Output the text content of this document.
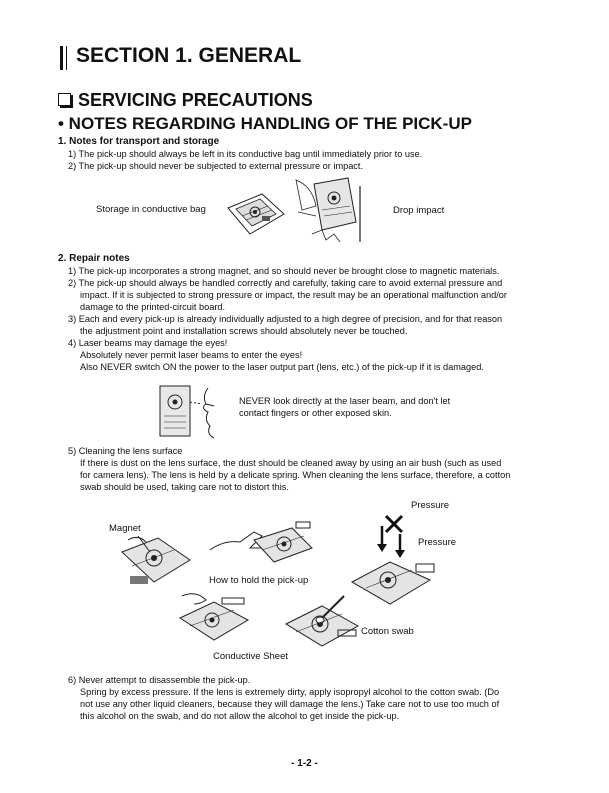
SECTION 1. GENERAL
SERVICING PRECAUTIONS
• NOTES REGARDING HANDLING OF THE PICK-UP
1. Notes for transport and storage
1) The pick-up should always be left in its conductive bag until immediately prior to use.
2) The pick-up should never be subjected to external pressure or impact.
Storage in conductive bag	Drop impact
2. Repair notes
1) The pick-up incorporates a strong magnet, and so should never be brought close to magnetic materials.
2) The pick-up should always be handled correctly and carefully, taking care to avoid external pressure and
impact. If it is subjected to strong pressure or impact, the result may be an operational malfunction and/or
damage to the printed-circuit board.
3) Each and every pick-up is already individually adjusted to a high degree of precision, and for that reason
the adjustment point and installation screws should absolutely never be touched.
4) Laser beams may damage the eyes!
Absolutely never permit laser beams to enter the eyes!
Also NEVER switch ON the power to the laser output part (lens, etc.) of the pick-up if it is damaged.
NEVER look directly at the laser beam, and don't let
contact fingers or other exposed skin.
5) Cleaning the lens surface
If there is dust on the lens surface, the dust should be cleaned away by using an air bush (such as used
for camera lens). The lens is held by a delicate spring. When cleaning the lens surface, therefore, a cotton
swab should be used, taking care not to distort this.
Pressure
Pressure
Magnet
How to hold the pick-up
Cotton swab
Conductive Sheet
6) Never attempt to disassemble the pick-up.
Spring by excess pressure. If the lens is extremely dirty, apply isopropyl alcohol to the cotton swab. (Do
not use any other liquid cleaners, because they will damage the lens.) Take care not to use too much of
this alcohol on the swab, and do not allow the alcohol to get inside the pick-up.
- 1-2 -
